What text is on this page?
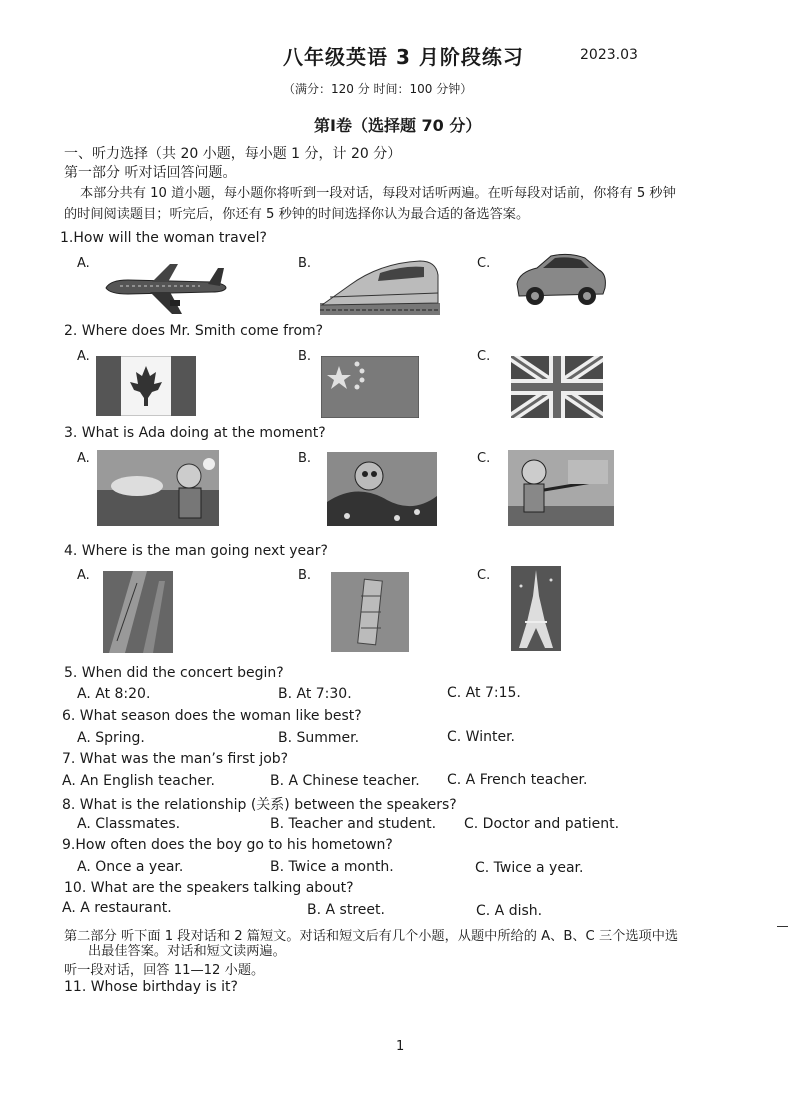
八年级英语 3 月阶段练习	2023.03
（满分：120 分 时间：100 分钟）
第Ⅰ卷（选择题 70 分）
一、听力选择（共 20 小题，每小题 1 分，计 20 分）
第一部分 听对话回答问题。
本部分共有 10 道小题，每小题你将听到一段对话，每段对话听两遍。在听每段对话前，你将有 5 秒钟
的时间阅读题目；听完后，你还有 5 秒钟的时间选择你认为最合适的备选答案。
1.How will the woman travel?
A.	B.	C.
2. Where does Mr. Smith come from?
A.	B.	C.
3. What is Ada doing at the moment?
A.	B.	C.
4. Where is the man going next year?
A.	B.	C.
5. When did the concert begin?
A. At 8:20.	B. At 7:30.	C. At 7:15.
6. What season does the woman like best?
A. Spring.	B. Summer.	C. Winter.
7. What was the man’s first job?
A. An English teacher.	B. A Chinese teacher. C. A French teacher.
8. What is the relationship (关系) between the speakers?
A. Classmates.	B. Teacher and student. C. Doctor and patient.
9.How often does the boy go to his hometown?
A. Once a year.	B. Twice a month.	C. Twice a year.
10. What are the speakers talking about?
A. A restaurant.	B. A street.	C. A dish.
第二部分 听下面 1 段对话和 2 篇短文。对话和短文后有几个小题，从题中所给的 A、B、C 三个选项中选
出最佳答案。对话和短文读两遍。
听一段对话，回答 11—12 小题。
11. Whose birthday is it?
1
